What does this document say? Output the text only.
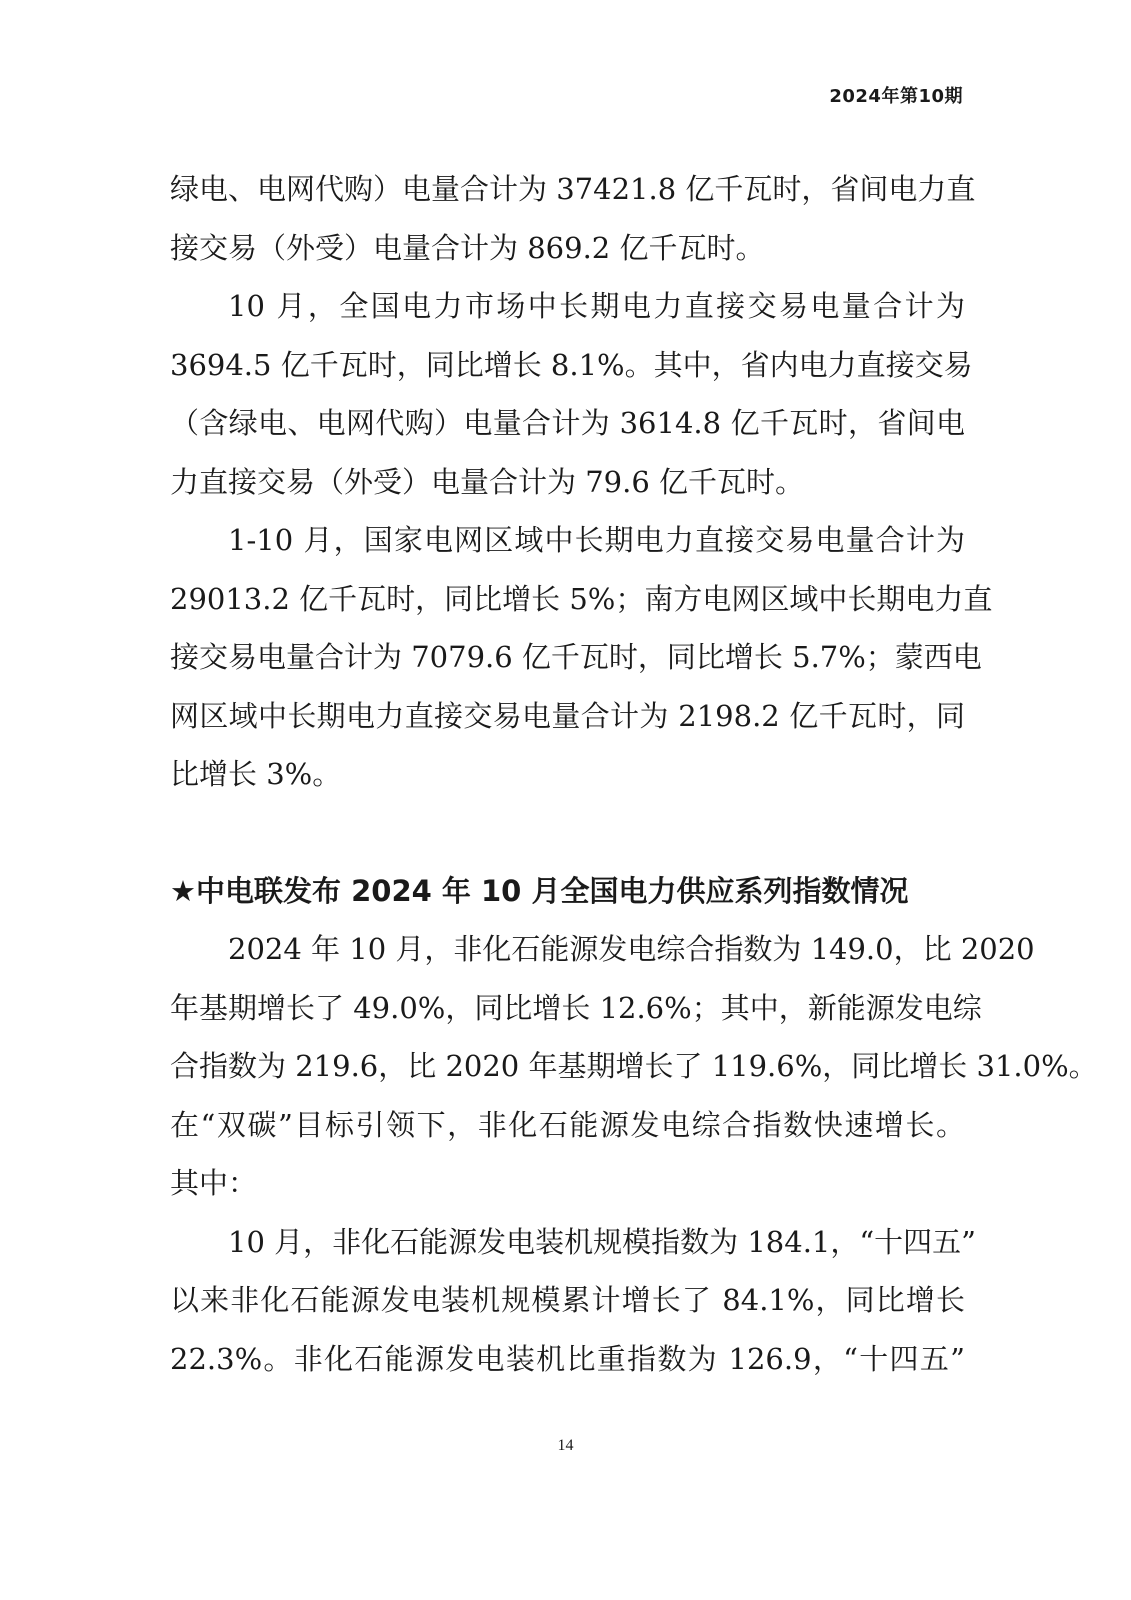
2024年第10期
绿电、电网代购）电量合计为 37421.8 亿千瓦时，省间电力直
接交易（外受）电量合计为 869.2 亿千瓦时。
10 月，全国电力市场中长期电力直接交易电量合计为
3694.5 亿千瓦时，同比增长 8.1%。其中，省内电力直接交易
（含绿电、电网代购）电量合计为 3614.8 亿千瓦时，省间电
力直接交易（外受）电量合计为 79.6 亿千瓦时。
1-10 月，国家电网区域中长期电力直接交易电量合计为
29013.2 亿千瓦时，同比增长 5%；南方电网区域中长期电力直
接交易电量合计为 7079.6 亿千瓦时，同比增长 5.7%；蒙西电
网区域中长期电力直接交易电量合计为 2198.2 亿千瓦时，同
比增长 3%。
★中电联发布 2024 年 10 月全国电力供应系列指数情况
2024 年 10 月，非化石能源发电综合指数为 149.0，比 2020
年基期增长了 49.0%，同比增长 12.6%；其中，新能源发电综
合指数为 219.6，比 2020 年基期增长了 119.6%，同比增长 31.0%。
在“双碳”目标引领下，非化石能源发电综合指数快速增长。
其中：
10 月，非化石能源发电装机规模指数为 184.1，“十四五”
以来非化石能源发电装机规模累计增长了 84.1%，同比增长
22.3%。非化石能源发电装机比重指数为 126.9，“十四五”
14
